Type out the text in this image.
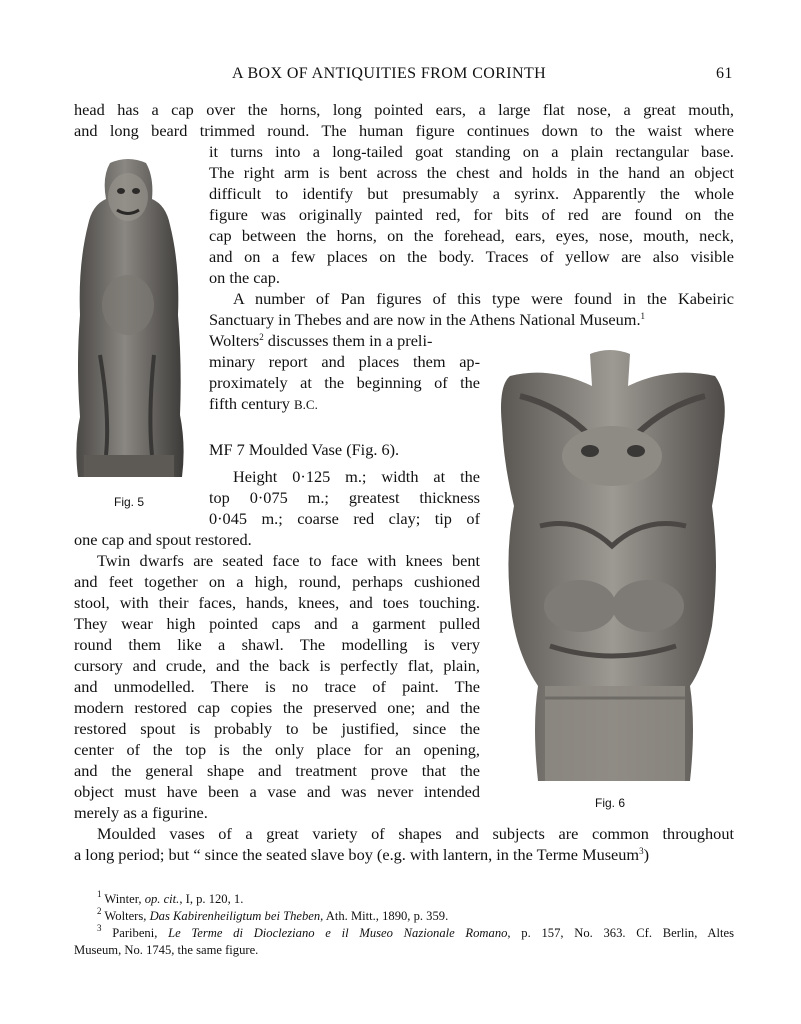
A BOX OF ANTIQUITIES FROM CORINTH	61
head has a cap over the horns, long pointed ears, a large flat nose, a great mouth,
and long beard trimmed round. The human figure continues down to the waist where
it turns into a long-tailed goat standing on a plain rectangular base.
The right arm is bent across the chest and holds in the hand an object
difficult to identify but presumably a syrinx. Apparently the whole
figure was originally painted red, for bits of red are found on the
cap between the horns, on the forehead, ears, eyes, nose, mouth, neck,
and on a few places on the body. Traces of yellow are also visible
on the cap.
A number of Pan figures of this type were found in the Kabeiric
Sanctuary in Thebes and are now in the Athens National Museum.$^1$
Wolters$^2$ discusses them in a preli-
minary report and places them ap-
proximately at the beginning of the
fifth century B.C.
MF 7 Moulded Vase (Fig. 6).
Height 0·125 m.; width at the
top 0·075 m.; greatest thickness
0·045 m.; coarse red clay; tip of
one cap and spout restored.
Twin dwarfs are seated face to face with knees bent
and feet together on a high, round, perhaps cushioned
stool, with their faces, hands, knees, and toes touching.
They wear high pointed caps and a garment pulled
round them like a shawl. The modelling is very
cursory and crude, and the back is perfectly flat, plain,
and unmodelled. There is no trace of paint. The
modern restored cap copies the preserved one; and the
restored spout is probably to be justified, since the
center of the top is the only place for an opening,
and the general shape and treatment prove that the
object must have been a vase and was never intended
merely as a figurine.
Moulded vases of a great variety of shapes and subjects are common throughout
a long period; but “ since the seated slave boy (e.g. with lantern, in the Terme Museum$^3$)
Fig. 5
Fig. 6
$^1$ Winter, op. cit., I, p. 120, 1.
$^2$ Wolters, Das Kabirenheiligtum bei Theben, Ath. Mitt., 1890, p. 359.
$^3$ Paribeni, Le Terme di Diocleziano e il Museo Nazionale Romano, p. 157, No. 363. Cf. Berlin, Altes
Museum, No. 1745, the same figure.
